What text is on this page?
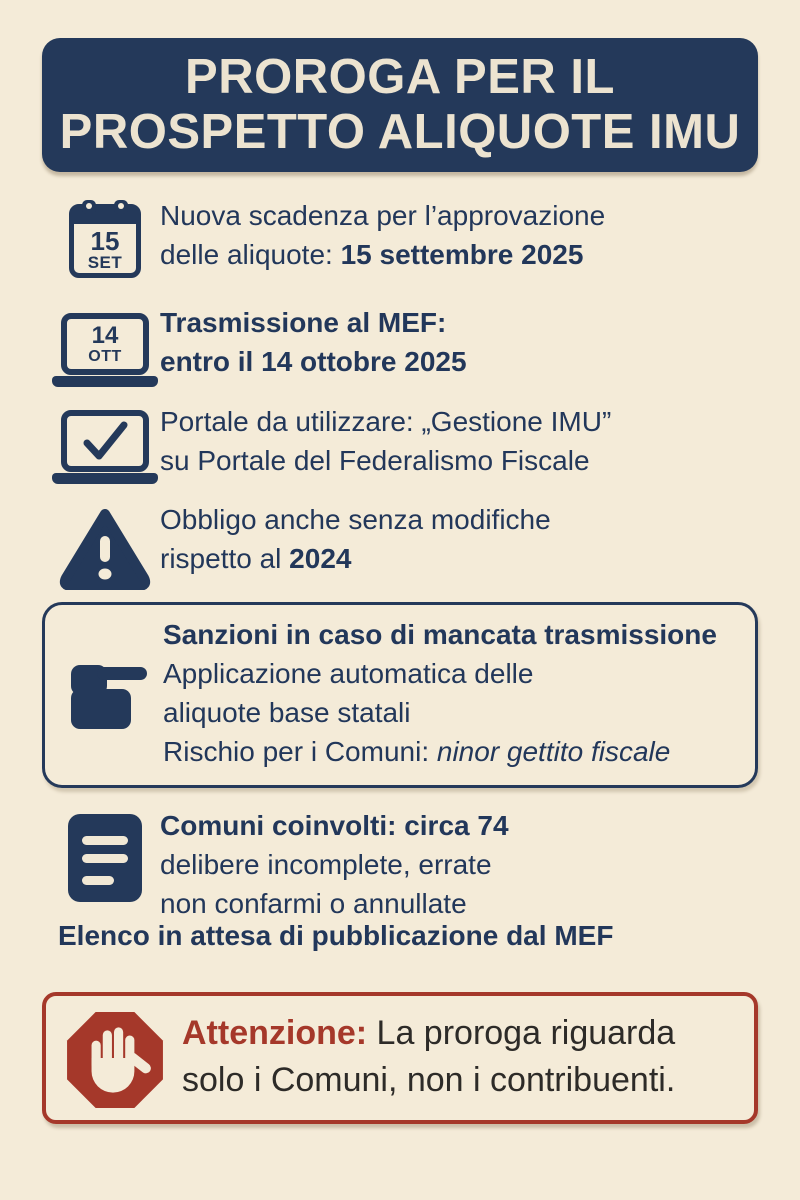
PROROGA PER IL
PROSPETTO ALIQUOTE IMU
15
SET
Nuova scadenza per l’approvazione
delle aliquote: 15 settembre 2025
14
OTT
Trasmissione al MEF:
entro il 14 ottobre 2025
Portale da utilizzare: „Gestione IMU”
su Portale del Federalismo Fiscale
Obbligo anche senza modifiche
rispetto al 2024
Sanzioni in caso di mancata trasmissione
Applicazione automatica delle
aliquote base statali
Rischio per i Comuni: ninor gettito fiscale
Comuni coinvolti: circa 74
delibere incomplete, errate
non confarmi o annullate
Elenco in attesa di pubblicazione dal MEF
Attenzione: La proroga riguarda
solo i Comuni, non i contribuenti.
